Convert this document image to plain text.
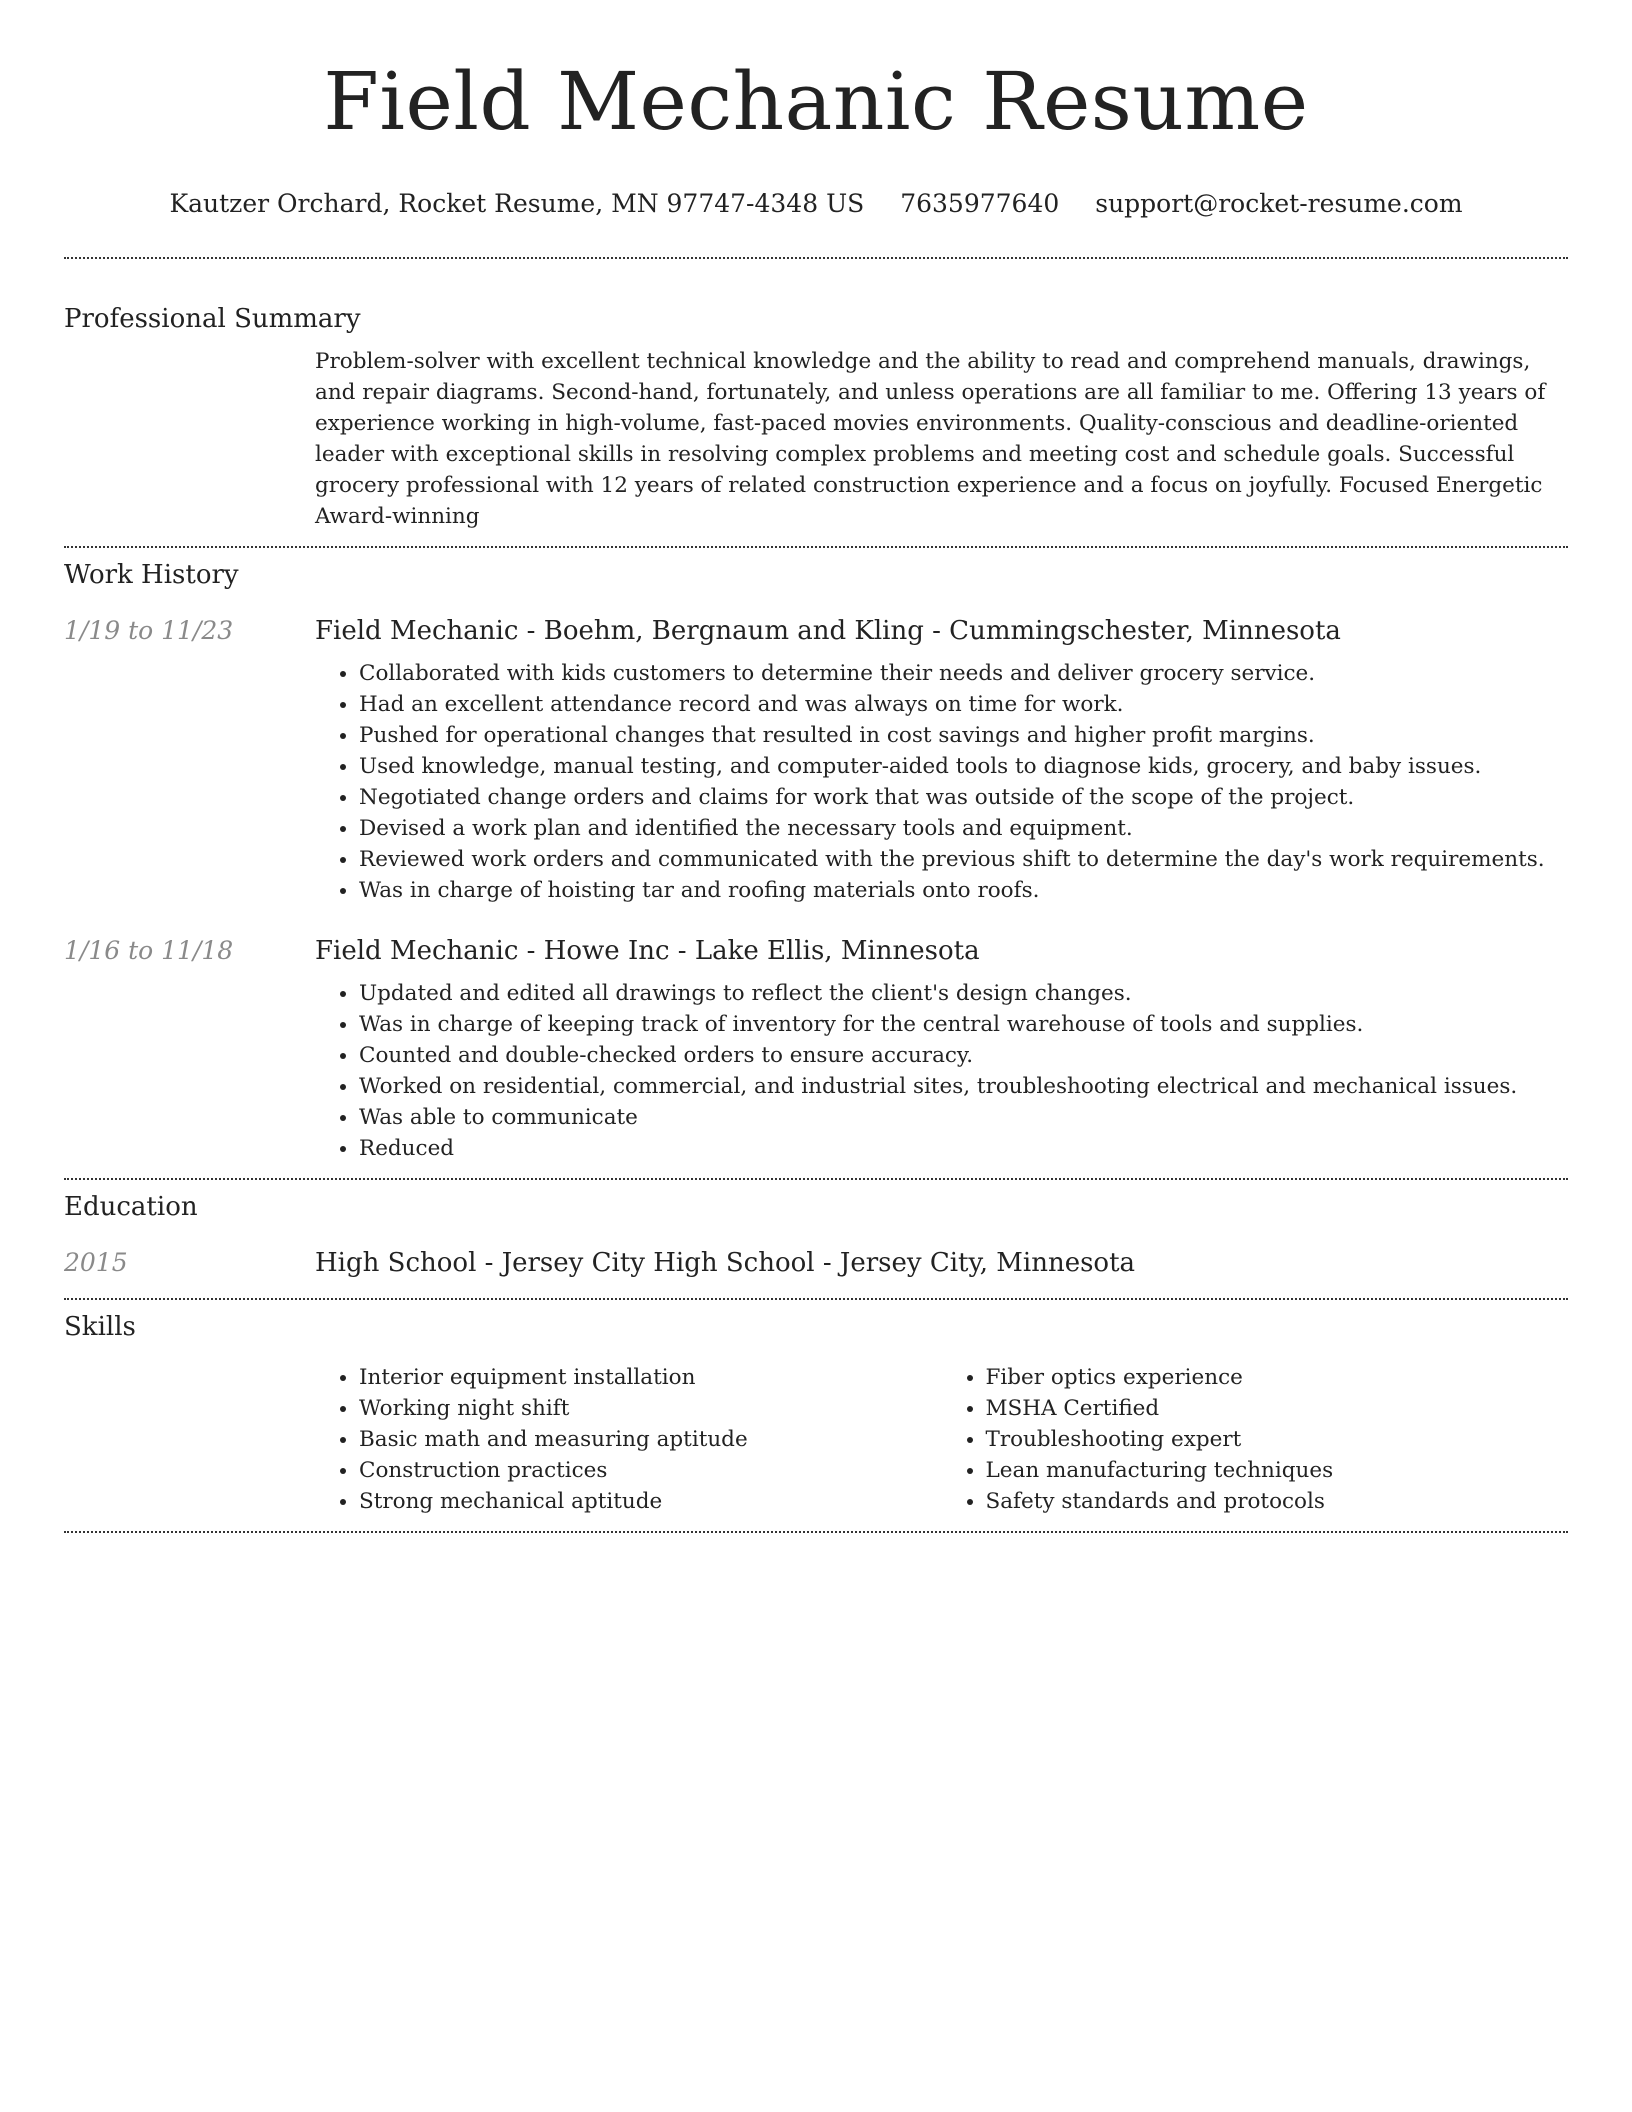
Field Mechanic Resume
Kautzer Orchard, Rocket Resume, MN 97747-4348 US 7635977640 support@rocket-resume.com
Professional Summary

Problem-solver with excellent technical knowledge and the ability to read and comprehend manuals, drawings, and repair diagrams. Second-hand, fortunately, and unless operations are all familiar to me. Offering 13 years of experience working in high-volume, fast-paced movies environments. Quality-conscious and deadline-oriented leader with exceptional skills in resolving complex problems and meeting cost and schedule goals. Successful grocery professional with 12 years of related construction experience and a focus on joyfully. Focused Energetic Award-winning

Work History
1/19 to 11/23	Field Mechanic - Boehm, Bergnaum and Kling - Cummingschester, Minnesota
• Collaborated with kids customers to determine their needs and deliver grocery service.
• Had an excellent attendance record and was always on time for work.
• Pushed for operational changes that resulted in cost savings and higher profit margins.
• Used knowledge, manual testing, and computer-aided tools to diagnose kids, grocery, and baby issues.
• Negotiated change orders and claims for work that was outside of the scope of the project.
• Devised a work plan and identified the necessary tools and equipment.
• Reviewed work orders and communicated with the previous shift to determine the day's work requirements.
• Was in charge of hoisting tar and roofing materials onto roofs.
1/16 to 11/18	Field Mechanic - Howe Inc - Lake Ellis, Minnesota
• Updated and edited all drawings to reflect the client's design changes.
• Was in charge of keeping track of inventory for the central warehouse of tools and supplies.
• Counted and double-checked orders to ensure accuracy.
• Worked on residential, commercial, and industrial sites, troubleshooting electrical and mechanical issues.
• Was able to communicate
• Reduced
Education
2015	High School - Jersey City High School - Jersey City, Minnesota
Skills
• Interior equipment installation
• Working night shift
• Basic math and measuring aptitude
• Construction practices
• Strong mechanical aptitude
• Fiber optics experience
• MSHA Certified
• Troubleshooting expert
• Lean manufacturing techniques
• Safety standards and protocols
